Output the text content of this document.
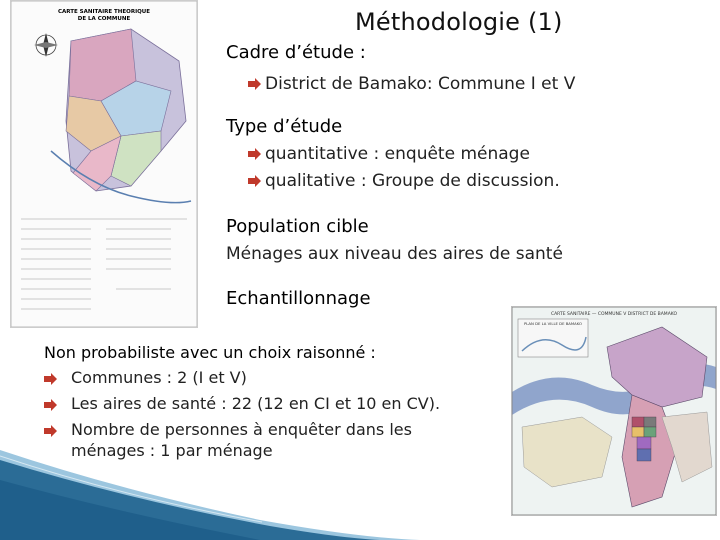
CARTE SANITAIRE THEORIQUE
DE LA COMMUNE	Méthodologie (1)
Cadre d’étude :
District de Bamako: Commune I et V
Type d’étude
quantitative : enquête ménage
qualitative : Groupe de discussion.
Population cible
Ménages aux niveau des aires de santé
Echantillonnage
Non probabiliste avec un choix raisonné :
Communes : 2 (I et V)
Les aires de santé : 22 (12 en CI et 10 en CV).
Nombre de personnes à enquêter dans les
ménages : 1 par ménage
CARTE SANITAIRE — COMMUNE V DISTRICT DE BAMAKO
PLAN DE LA VILLE DE BAMAKO
